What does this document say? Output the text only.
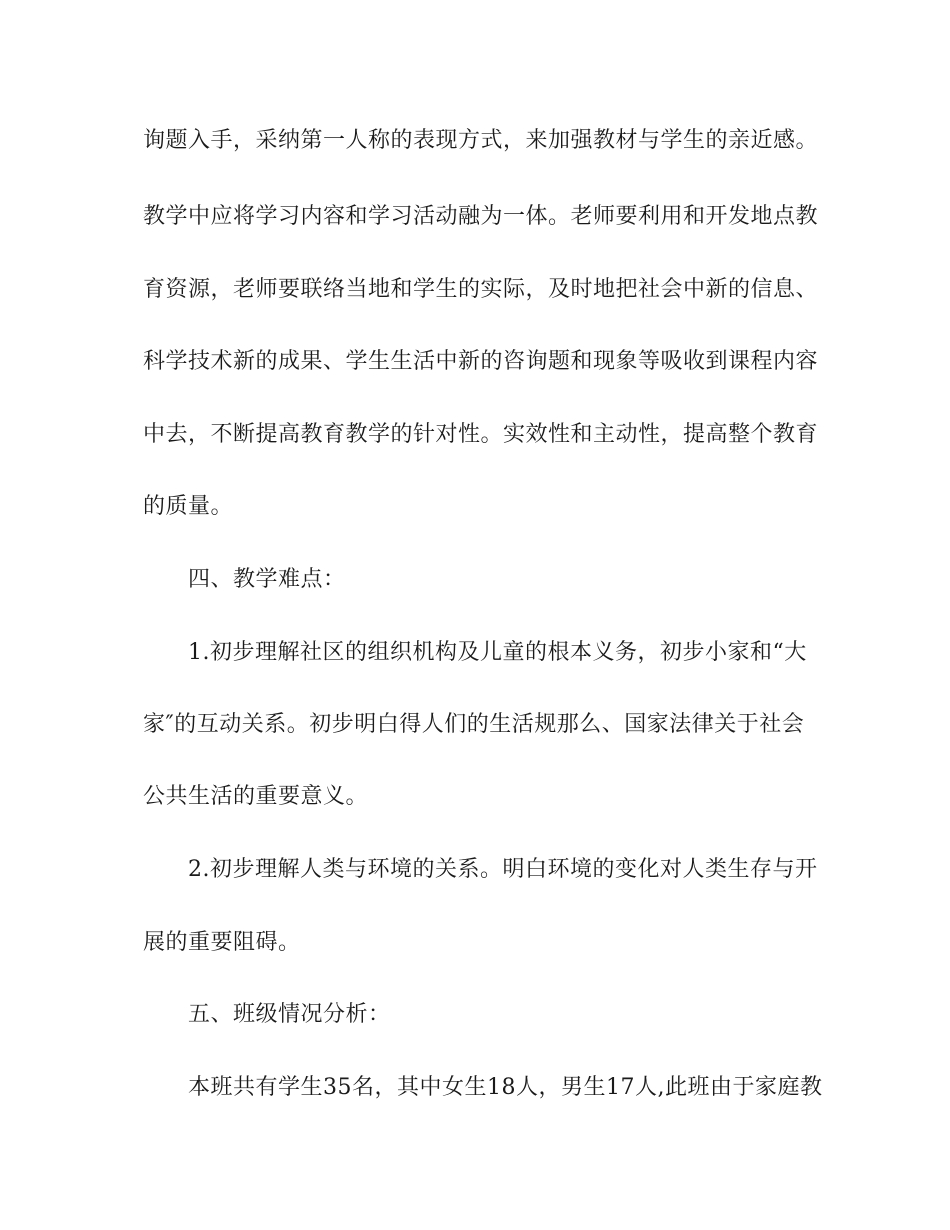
询题入手，采纳第一人称的表现方式，来加强教材与学生的亲近感。
教学中应将学习内容和学习活动融为一体。老师要利用和开发地点教
育资源，老师要联络当地和学生的实际，及时地把社会中新的信息、
科学技术新的成果、学生生活中新的咨询题和现象等吸收到课程内容
中去，不断提高教育教学的针对性。实效性和主动性，提高整个教育
的质量。
四、教学难点：
1.初步理解社区的组织机构及儿童的根本义务，初步小家和“大
家″的互动关系。初步明白得人们的生活规那么、国家法律关于社会
公共生活的重要意义。
2.初步理解人类与环境的关系。明白环境的变化对人类生存与开
展的重要阻碍。
五、班级情况分析：
本班共有学生35名，其中女生18人，男生17人,此班由于家庭教
